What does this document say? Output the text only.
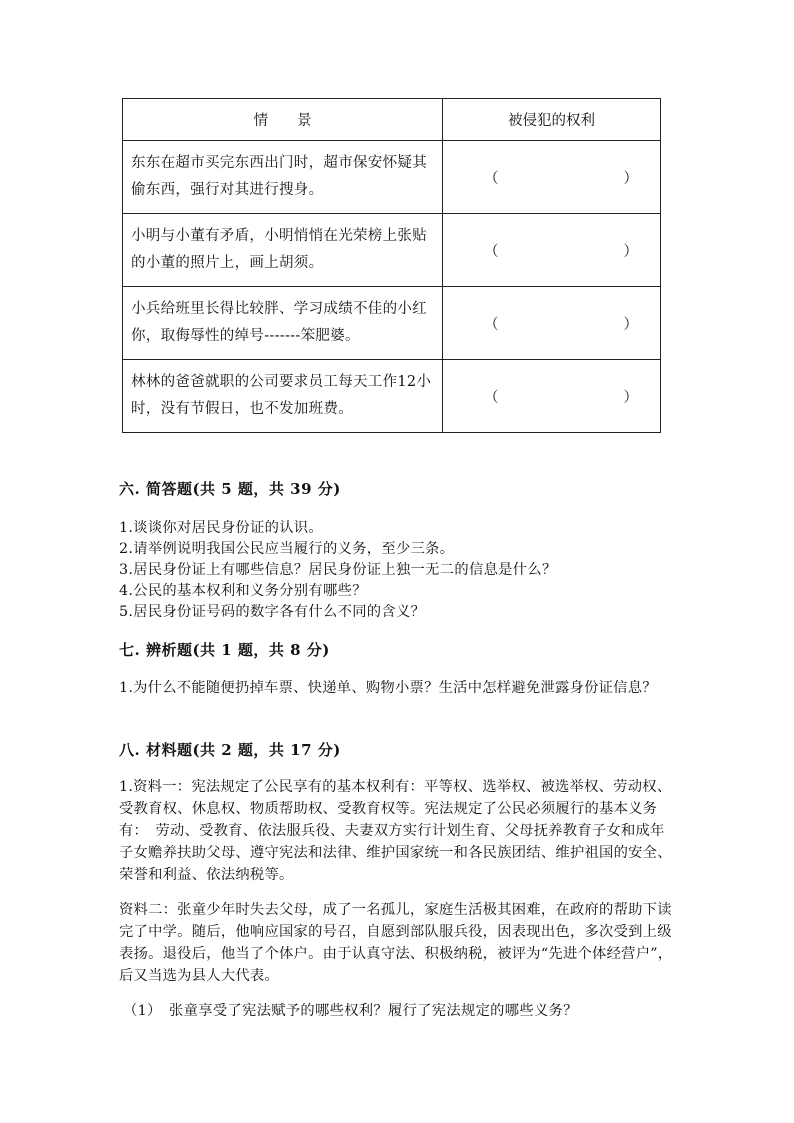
情　　景	被侵犯的权利
东东在超市买完东西出门时，超市保安怀疑其偷东西，强行对其进行搜身。	（ ）

小明与小董有矛盾，小明悄悄在光荣榜上张贴的小董的照片上，画上胡须。	（ ）

小兵给班里长得比较胖、学习成绩不佳的小红你，取侮辱性的绰号-------笨肥婆。	（ ）

林林的爸爸就职的公司要求员工每天工作12小时，没有节假日，也不发加班费。	（ ）
六. 简答题(共 5 题，共 39 分)
1.谈谈你对居民身份证的认识。
2.请举例说明我国公民应当履行的义务，至少三条。
3.居民身份证上有哪些信息？居民身份证上独一无二的信息是什么？
4.公民的基本权利和义务分别有哪些？
5.居民身份证号码的数字各有什么不同的含义？
七. 辨析题(共 1 题，共 8 分)
1.为什么不能随便扔掉车票、快递单、购物小票？生活中怎样避免泄露身份证信息？
八. 材料题(共 2 题，共 17 分)
1.资料一：宪法规定了公民享有的基本权利有：平等权、选举权、被选举权、劳动权、受教育权、休息权、物质帮助权、受教育权等。宪法规定了公民必须履行的基本义务有：　劳动、受教育、依法服兵役、夫妻双方实行计划生育、父母抚养教育子女和成年子女赡养扶助父母、遵守宪法和法律、维护国家统一和各民族团结、维护祖国的安全、荣誉和利益、依法纳税等。
资料二：张童少年时失去父母，成了一名孤儿，家庭生活极其困难，在政府的帮助下读完了中学。随后，他响应国家的号召，自愿到部队服兵役，因表现出色，多次受到上级表扬。退役后，他当了个体户。由于认真守法、积极纳税，被评为“先进个体经营户”，后又当选为县人大代表。
（1）　张童享受了宪法赋予的哪些权利？履行了宪法规定的哪些义务？
